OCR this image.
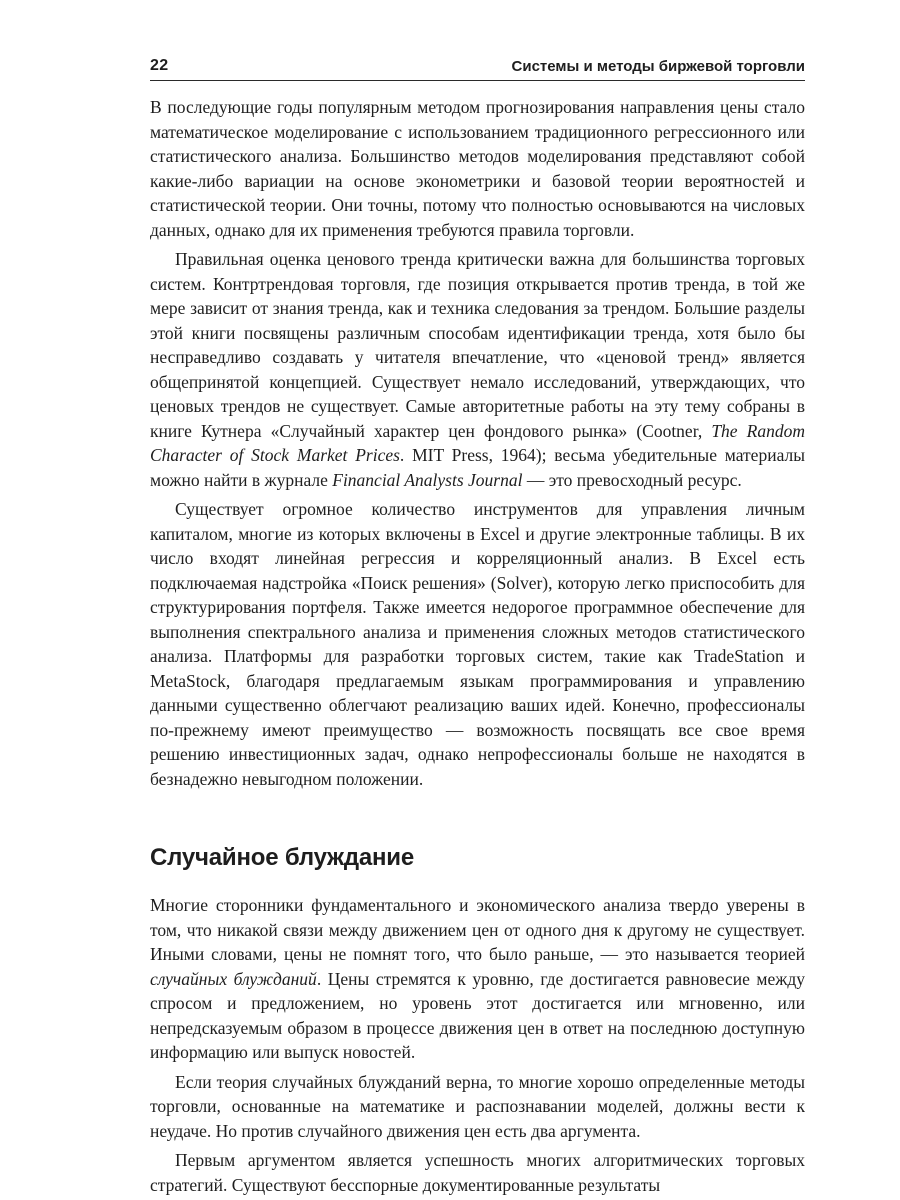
22	Системы и методы биржевой торговли

В последующие годы популярным методом прогнозирования направления цены стало математическое моделирование с использованием традиционного регрессионного или статистического анализа. Большинство методов моделирования представляют собой какие-либо вариации на основе эконометрики и базовой теории вероятностей и статистической теории. Они точны, потому что полностью основываются на числовых данных, однако для их применения требуются правила торговли.

Правильная оценка ценового тренда критически важна для большинства торговых систем. Контртрендовая торговля, где позиция открывается против тренда, в той же мере зависит от знания тренда, как и техника следования за трендом. Большие разделы этой книги посвящены различным способам идентификации тренда, хотя было бы несправедливо создавать у читателя впечатление, что «ценовой тренд» является общепринятой концепцией. Существует немало исследований, утверждающих, что ценовых трендов не существует. Самые авторитетные работы на эту тему собраны в книге Кутнера «Случайный характер цен фондового рынка» (Cootner, The Random Character of Stock Market Prices. MIT Press, 1964); весьма убедительные материалы можно найти в журнале Financial Analysts Journal — это превосходный ресурс.

Существует огромное количество инструментов для управления личным капиталом, многие из которых включены в Excel и другие электронные таблицы. В их число входят линейная регрессия и корреляционный анализ. В Excel есть подключаемая надстройка «Поиск решения» (Solver), которую легко приспособить для структурирования портфеля. Также имеется недорогое программное обеспечение для выполнения спектрального анализа и применения сложных методов статистического анализа. Платформы для разработки торговых систем, такие как TradeStation и MetaStock, благодаря предлагаемым языкам программирования и управлению данными существенно облегчают реализацию ваших идей. Конечно, профессионалы по-прежнему имеют преимущество — возможность посвящать все свое время решению инвестиционных задач, однако непрофессионалы больше не находятся в безнадежно невыгодном положении.

Случайное блуждание

Многие сторонники фундаментального и экономического анализа твердо уверены в том, что никакой связи между движением цен от одного дня к другому не существует. Иными словами, цены не помнят того, что было раньше, — это называется теорией случайных блужданий. Цены стремятся к уровню, где достигается равновесие между спросом и предложением, но уровень этот достигается или мгновенно, или непредсказуемым образом в процессе движения цен в ответ на последнюю доступную информацию или выпуск новостей.

Если теория случайных блужданий верна, то многие хорошо определенные методы торговли, основанные на математике и распознавании моделей, должны вести к неудаче. Но против случайного движения цен есть два аргумента.

Первым аргументом является успешность многих алгоритмических торговых стратегий. Существуют бесспорные документированные результаты
